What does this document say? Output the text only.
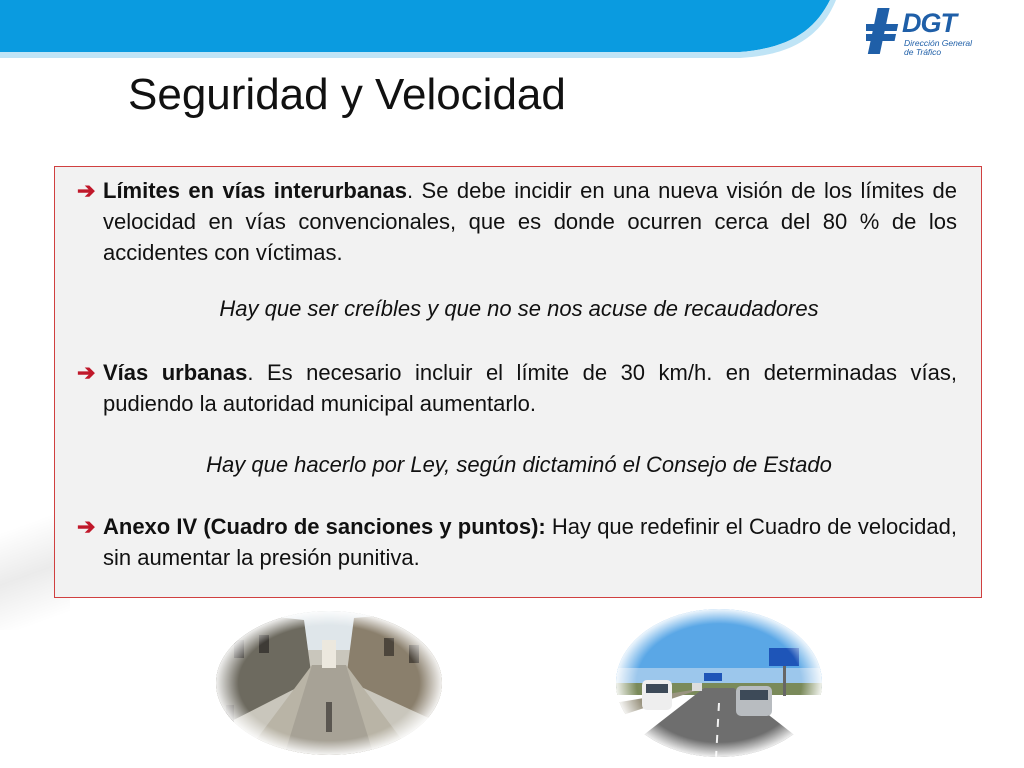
DGT
Dirección General
de Tráfico
Seguridad y Velocidad
➔ Límites en vías interurbanas. Se debe incidir en una nueva visión de los límites de velocidad en vías convencionales, que es donde ocurren cerca del 80 % de los accidentes con víctimas.
Hay que ser creíbles y que no se nos acuse de recaudadores
➔ Vías urbanas. Es necesario incluir el límite de 30 km/h. en determinadas vías, pudiendo la autoridad municipal aumentarlo.
Hay que hacerlo por Ley, según dictaminó el Consejo de Estado
➔ Anexo IV (Cuadro de sanciones y puntos): Hay que redefinir el Cuadro de velocidad, sin aumentar la presión punitiva.
